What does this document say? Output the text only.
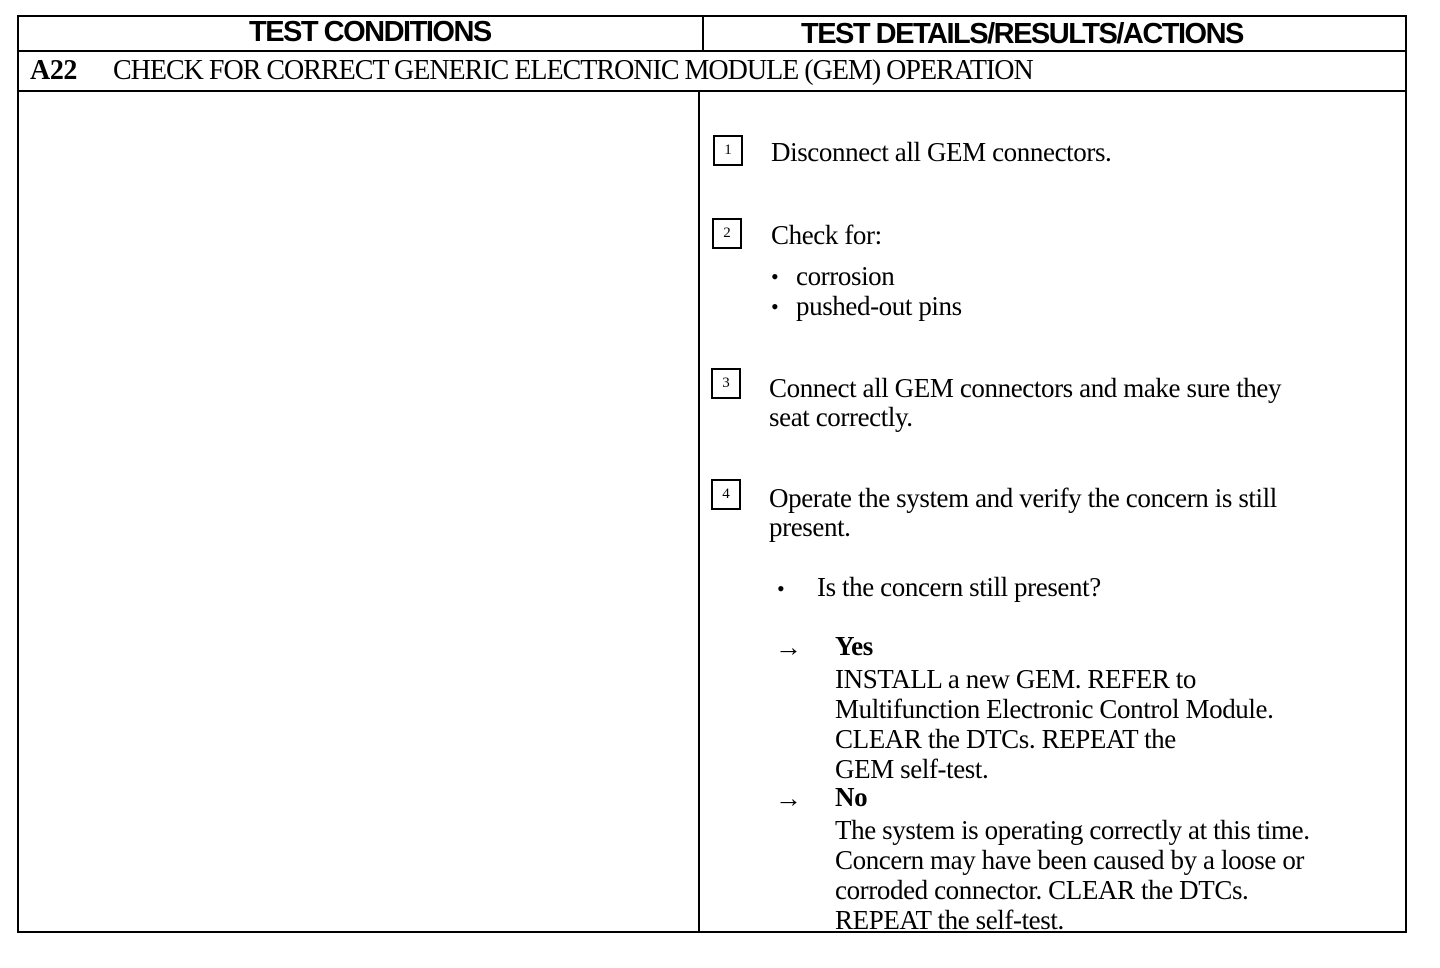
TEST CONDITIONS	TEST DETAILS/RESULTS/ACTIONS
A22 CHECK FOR CORRECT GENERIC ELECTRONIC MODULE (GEM) OPERATION
1	Disconnect all GEM connectors.
2	Check for:
• corrosion
• pushed-out pins
3	Connect all GEM connectors and make sure they
seat correctly.
4	Operate the system and verify the concern is still
present.
• Is the concern still present?
→ Yes
INSTALL a new GEM. REFER to
Multifunction Electronic Control Module.
CLEAR the DTCs. REPEAT the
GEM self-test.
→ No
The system is operating correctly at this time.
Concern may have been caused by a loose or
corroded connector. CLEAR the DTCs.
REPEAT the self-test.
